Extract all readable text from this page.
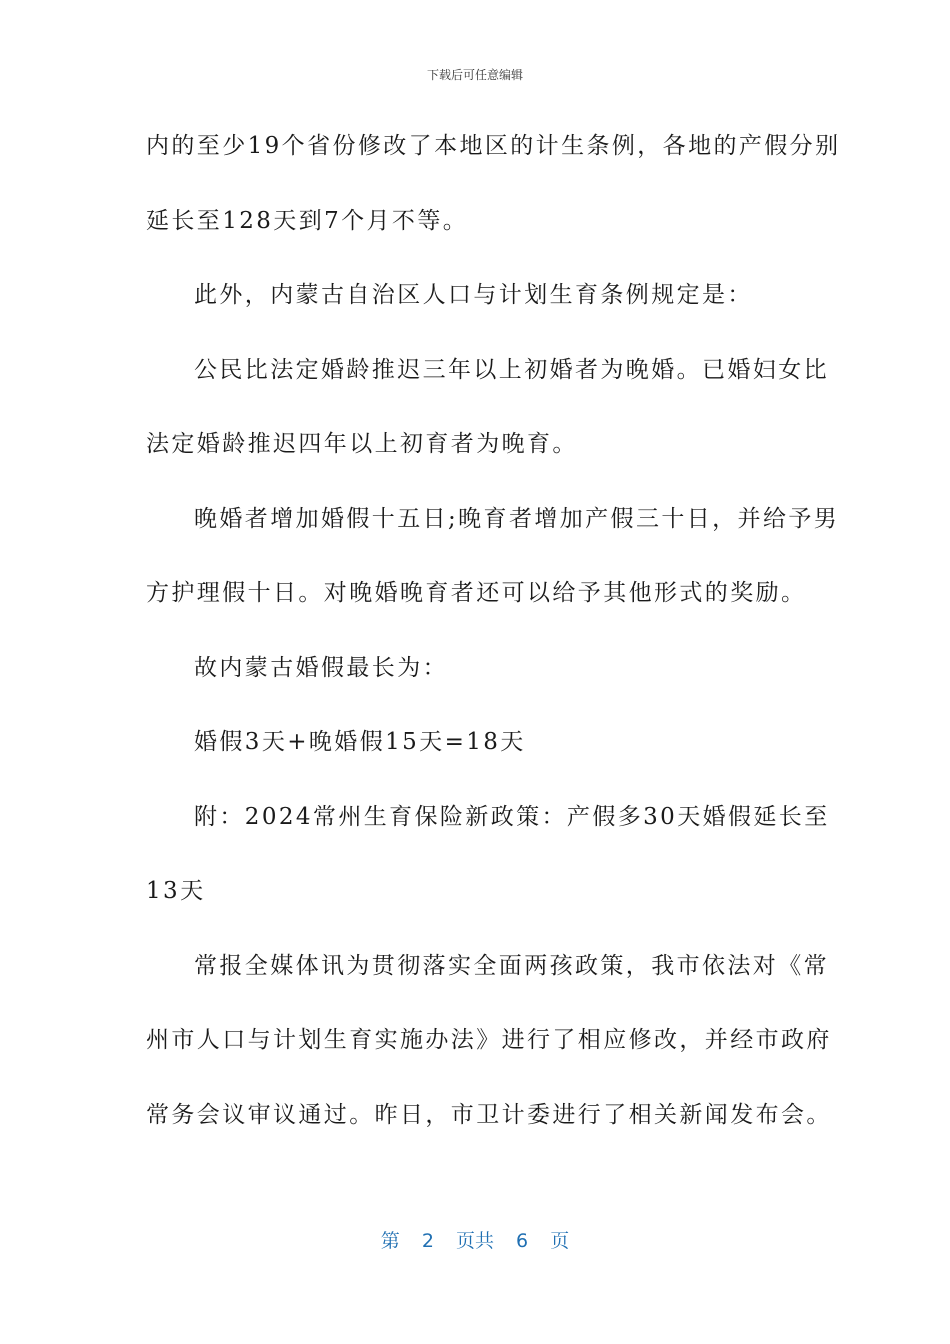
下载后可任意编辑
内的至少19个省份修改了本地区的计生条例，各地的产假分别
延长至128天到7个月不等。
此外，内蒙古自治区人口与计划生育条例规定是：
公民比法定婚龄推迟三年以上初婚者为晚婚。已婚妇女比
法定婚龄推迟四年以上初育者为晚育。
晚婚者增加婚假十五日;晚育者增加产假三十日，并给予男
方护理假十日。对晚婚晚育者还可以给予其他形式的奖励。
故内蒙古婚假最长为：
婚假3天+晚婚假15天=18天
附：2024常州生育保险新政策：产假多30天婚假延长至
13天
常报全媒体讯为贯彻落实全面两孩政策，我市依法对《常
州市人口与计划生育实施办法》进行了相应修改，并经市政府
常务会议审议通过。昨日，市卫计委进行了相关新闻发布会。
第 2 页共 6 页
